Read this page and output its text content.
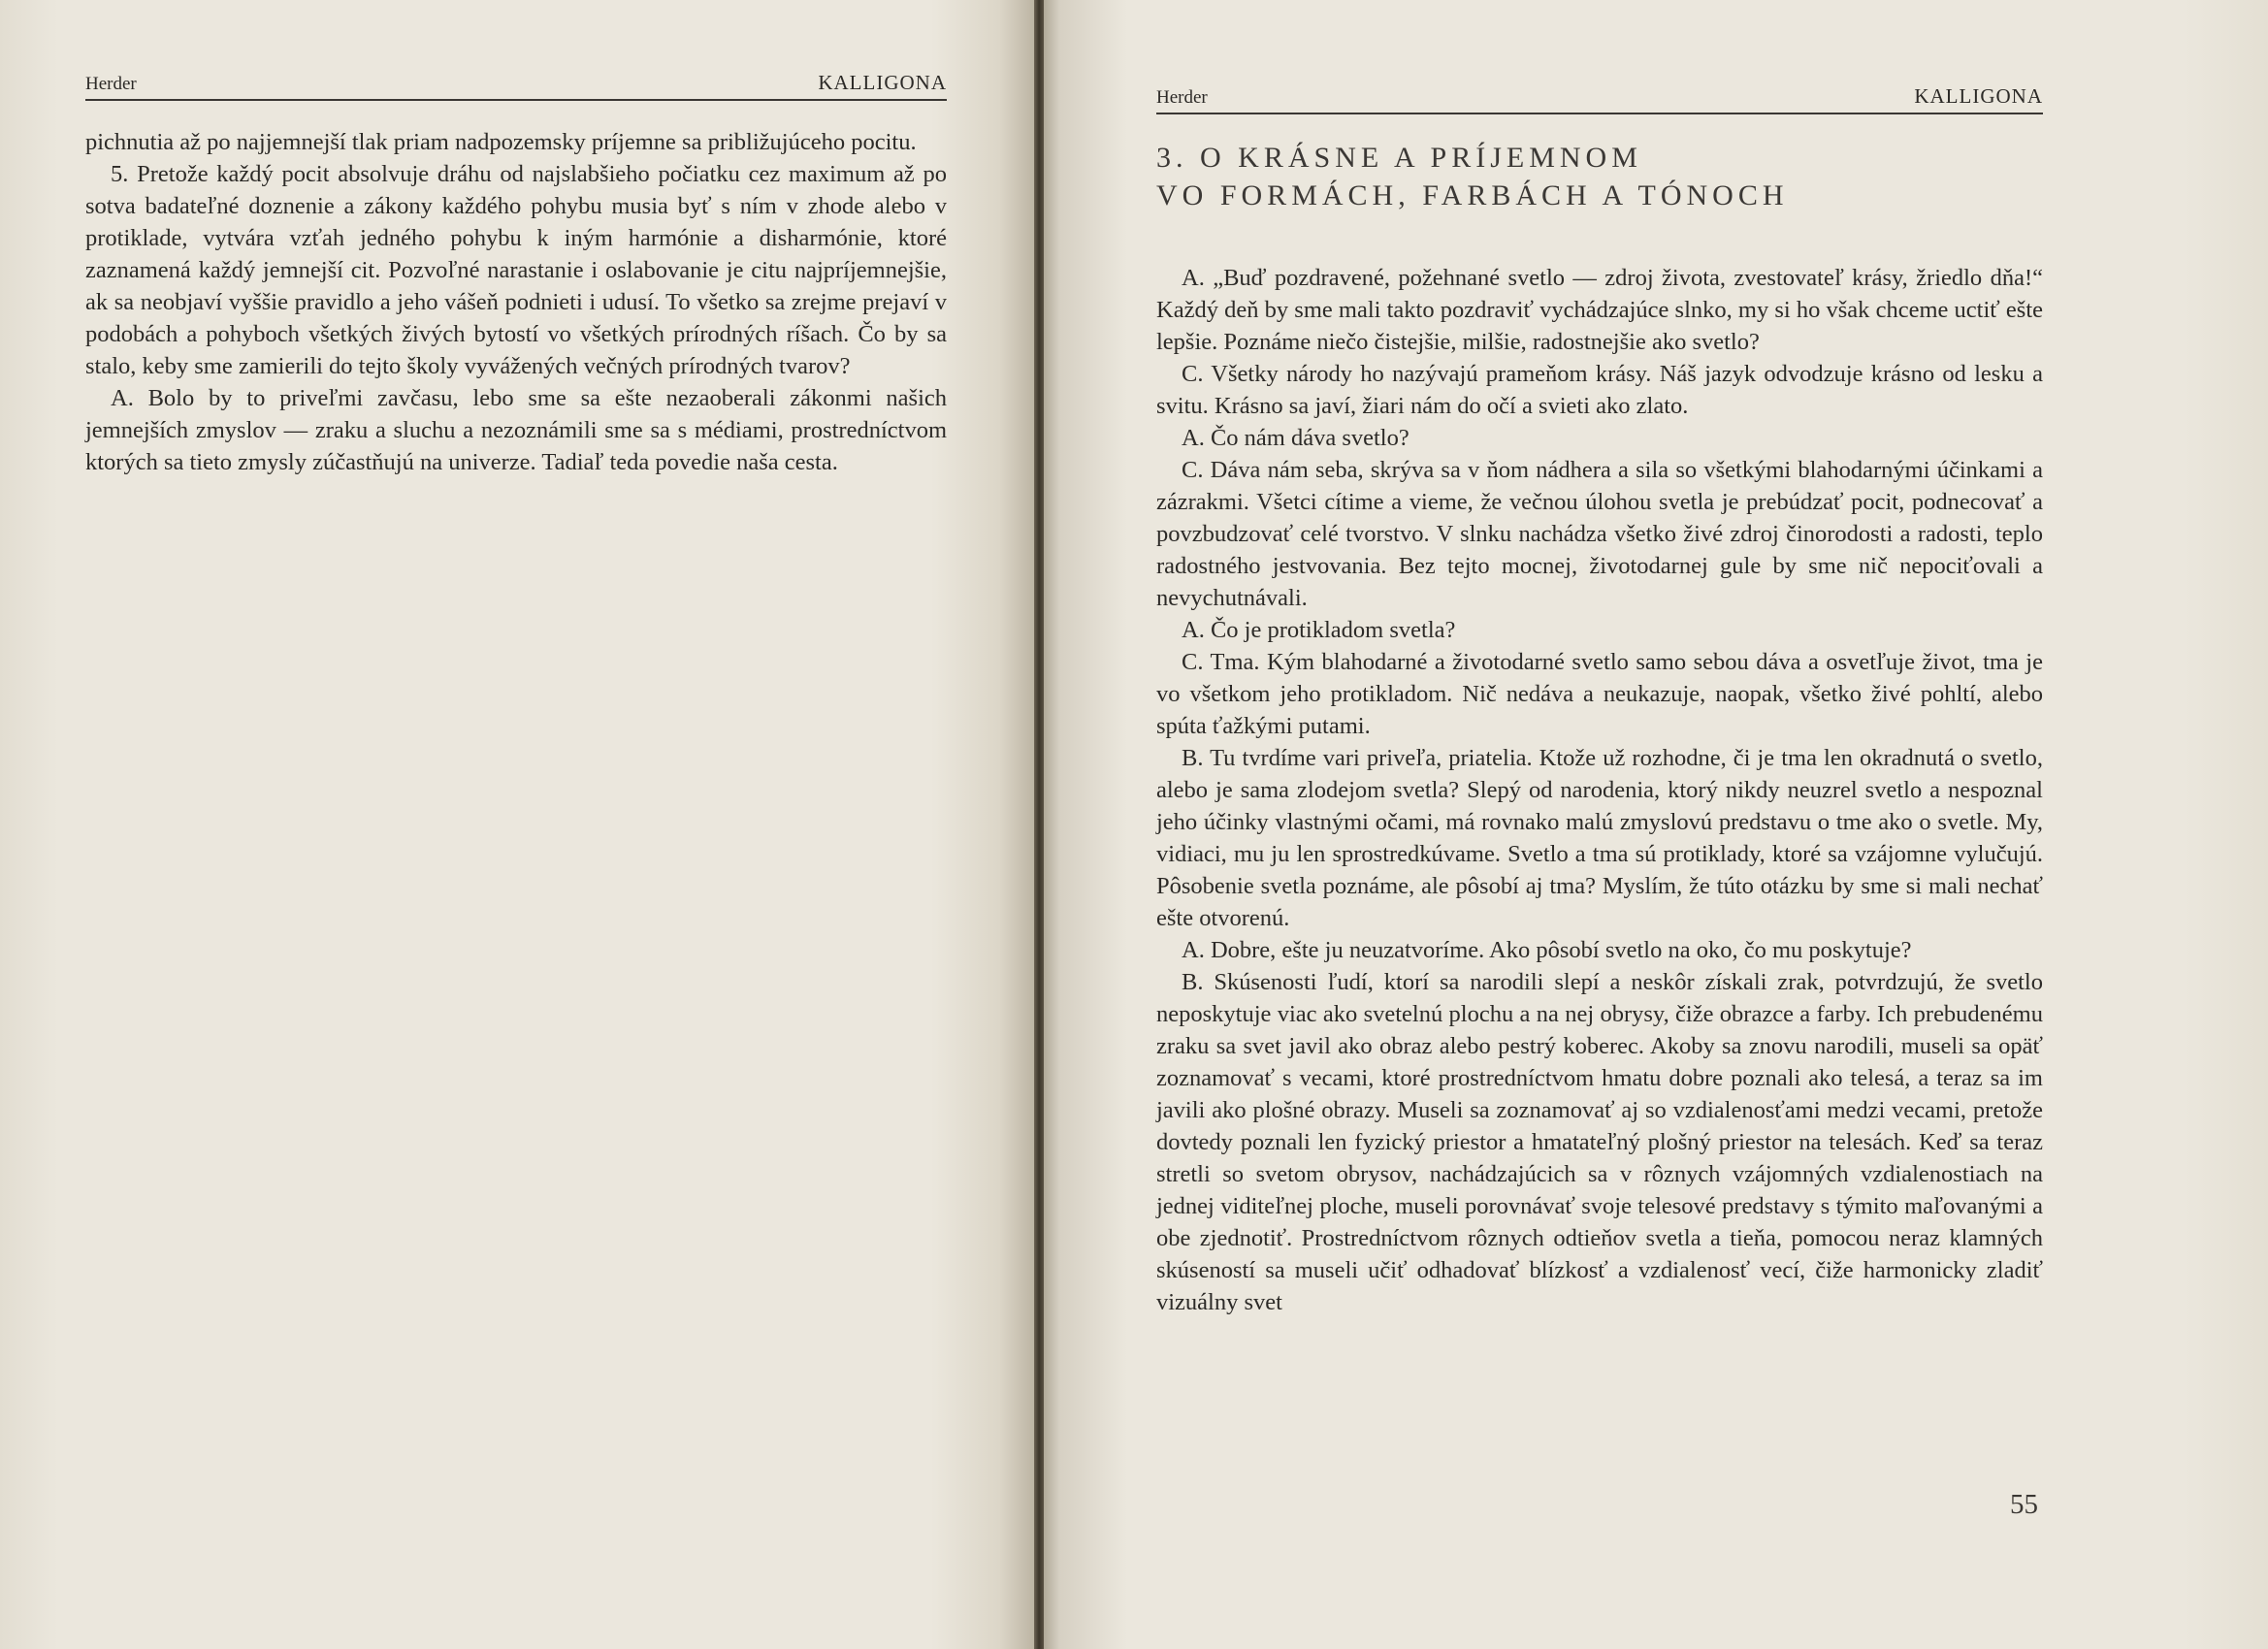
Herder	KALLIGONA

pichnutia až po najjemnejší tlak priam nadpozemsky príjemne sa približujúceho pocitu.

5. Pretože každý pocit absolvuje dráhu od najslabšieho počiatku cez maximum až po sotva badateľné doznenie a zákony každého pohybu musia byť s ním v zhode alebo v protiklade, vytvára vzťah jedného pohybu k iným harmónie a disharmónie, ktoré zaznamená každý jemnejší cit. Pozvoľné narastanie i oslabovanie je citu najpríjemnejšie, ak sa neobjaví vyššie pravidlo a jeho vášeň podnieti i udusí. To všetko sa zrejme prejaví v podobách a pohyboch všetkých živých bytostí vo všetkých prírodných ríšach. Čo by sa stalo, keby sme zamierili do tejto školy vyvážených večných prírodných tvarov?

A. Bolo by to priveľmi zavčasu, lebo sme sa ešte nezaoberali zákonmi našich jemnejších zmyslov — zraku a sluchu a nezoznámili sme sa s médiami, prostredníctvom ktorých sa tieto zmysly zúčastňujú na univerze. Tadiaľ teda povedie naša cesta.

Herder	KALLIGONA
3. O KRÁSNE A PRÍJEMNOM
VO FORMÁCH, FARBÁCH A TÓNOCH

A. „Buď pozdravené, požehnané svetlo — zdroj života, zvestovateľ krásy, žriedlo dňa!“ Každý deň by sme mali takto pozdraviť vychádzajúce slnko, my si ho však chceme uctiť ešte lepšie. Poznáme niečo čistejšie, milšie, radostnejšie ako svetlo?

C. Všetky národy ho nazývajú prameňom krásy. Náš jazyk odvodzuje krásno od lesku a svitu. Krásno sa javí, žiari nám do očí a svieti ako zlato.

A. Čo nám dáva svetlo?

C. Dáva nám seba, skrýva sa v ňom nádhera a sila so všetkými blahodarnými účinkami a zázrakmi. Všetci cítime a vieme, že večnou úlohou svetla je prebúdzať pocit, podnecovať a povzbudzovať celé tvorstvo. V slnku nachádza všetko živé zdroj činorodosti a radosti, teplo radostného jestvovania. Bez tejto mocnej, životodarnej gule by sme nič nepociťovali a nevychutnávali.

A. Čo je protikladom svetla?

C. Tma. Kým blahodarné a životodarné svetlo samo sebou dáva a osvetľuje život, tma je vo všetkom jeho protikladom. Nič nedáva a neukazuje, naopak, všetko živé pohltí, alebo spúta ťažkými putami.

B. Tu tvrdíme vari priveľa, priatelia. Ktože už rozhodne, či je tma len okradnutá o svetlo, alebo je sama zlodejom svetla? Slepý od narodenia, ktorý nikdy neuzrel svetlo a nespoznal jeho účinky vlastnými očami, má rovnako malú zmyslovú predstavu o tme ako o svetle. My, vidiaci, mu ju len sprostredkúvame. Svetlo a tma sú protiklady, ktoré sa vzájomne vylučujú. Pôsobenie svetla poznáme, ale pôsobí aj tma? Myslím, že túto otázku by sme si mali nechať ešte otvorenú.

A. Dobre, ešte ju neuzatvoríme. Ako pôsobí svetlo na oko, čo mu poskytuje?

B. Skúsenosti ľudí, ktorí sa narodili slepí a neskôr získali zrak, potvrdzujú, že svetlo neposkytuje viac ako svetelnú plochu a na nej obrysy, čiže obrazce a farby. Ich prebudenému zraku sa svet javil ako obraz alebo pestrý koberec. Akoby sa znovu narodili, museli sa opäť zoznamovať s vecami, ktoré prostredníctvom hmatu dobre poznali ako telesá, a teraz sa im javili ako plošné obrazy. Museli sa zoznamovať aj so vzdialenosťami medzi vecami, pretože dovtedy poznali len fyzický priestor a hmatateľný plošný priestor na telesách. Keď sa teraz stretli so svetom obrysov, nachádzajúcich sa v rôznych vzájomných vzdialenostiach na jednej viditeľnej ploche, museli porovnávať svoje telesové predstavy s týmito maľovanými a obe zjednotiť. Prostredníctvom rôznych odtieňov svetla a tieňa, pomocou neraz klamných skúseností sa museli učiť odhadovať blízkosť a vzdialenosť vecí, čiže harmonicky zladiť vizuálny svet

55
